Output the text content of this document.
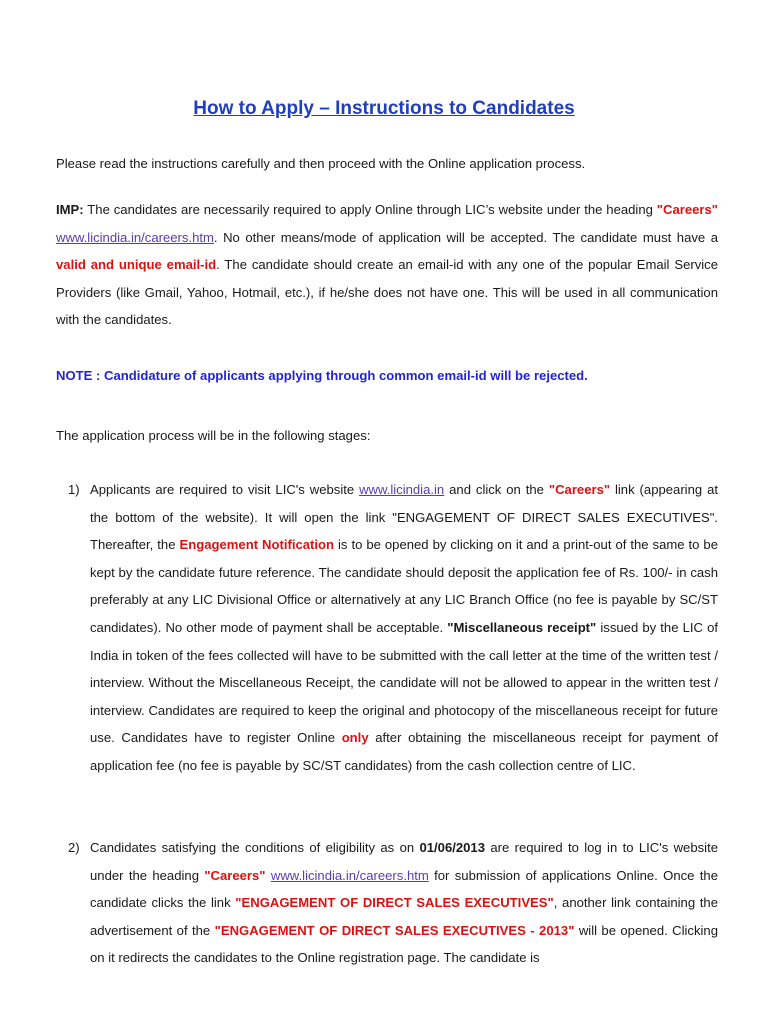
How to Apply – Instructions to Candidates

Please read the instructions carefully and then proceed with the Online application process.

IMP: The candidates are necessarily required to apply Online through LIC’s website under the heading "Careers" www.licindia.in/careers.htm. No other means/mode of application will be accepted. The candidate must have a valid and unique email-id. The candidate should create an email-id with any one of the popular Email Service Providers (like Gmail, Yahoo, Hotmail, etc.), if he/she does not have one. This will be used in all communication with the candidates.

NOTE : Candidature of applicants applying through common email-id will be rejected.

The application process will be in the following stages:

1) Applicants are required to visit LIC's website www.licindia.in and click on the "Careers" link (appearing at the bottom of the website). It will open the link "ENGAGEMENT OF DIRECT SALES EXECUTIVES". Thereafter, the Engagement Notification is to be opened by clicking on it and a print-out of the same to be kept by the candidate future reference. The candidate should deposit the application fee of Rs. 100/- in cash preferably at any LIC Divisional Office or alternatively at any LIC Branch Office (no fee is payable by SC/ST candidates). No other mode of payment shall be acceptable. "Miscellaneous receipt" issued by the LIC of India in token of the fees collected will have to be submitted with the call letter at the time of the written test / interview. Without the Miscellaneous Receipt, the candidate will not be allowed to appear in the written test / interview. Candidates are required to keep the original and photocopy of the miscellaneous receipt for future use. Candidates have to register Online only after obtaining the miscellaneous receipt for payment of application fee (no fee is payable by SC/ST candidates) from the cash collection centre of LIC.
2) Candidates satisfying the conditions of eligibility as on 01/06/2013 are required to log in to LIC's website under the heading "Careers" www.licindia.in/careers.htm for submission of applications Online. Once the candidate clicks the link "ENGAGEMENT OF DIRECT SALES EXECUTIVES", another link containing the advertisement of the "ENGAGEMENT OF DIRECT SALES EXECUTIVES - 2013" will be opened. Clicking on it redirects the candidates to the Online registration page. The candidate is
